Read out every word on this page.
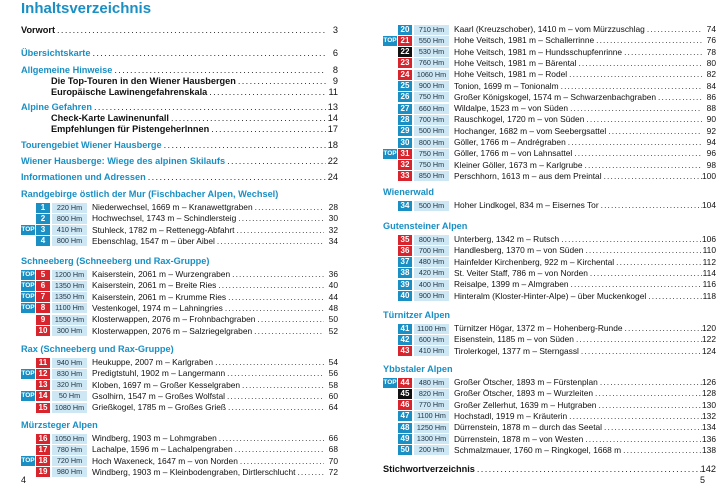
Inhaltsverzeichnis
Vorwort . . .	3
Übersichtskarte . . .	6
Allgemeine Hinweise . . .	8
Die Top-Touren in den Wiener Hausbergen . . .	9
Europäische Lawinengefahrenskala . . .	11
Alpine Gefahren . . .	13
Check-Karte Lawinenunfall . . .	14
Empfehlungen für PistengeherInnen . . .	17
Tourengebiet Wiener Hausberge . . .	18
Wiener Hausberge: Wiege des alpinen Skilaufs . . .	22
Informationen und Adressen . . .	24
Randgebirge östlich der Mur (Fischbacher Alpen, Wechsel)
1	220 Hm	Niederwechsel, 1669 m – Kranawettgraben . . .	28
2	800 Hm	Hochwechsel, 1743 m – Schindlersteig . . .	30
TOP 3	410 Hm	Stuhleck, 1782 m – Rettenegg-Abfahrt . . .	32
4	800 Hm	Ebenschlag, 1547 m – über Aibel . . .	34
Schneeberg (Schneeberg und Rax-Gruppe)
TOP 5	1200 Hm Kaiserstein, 2061 m – Wurzengraben . . .	36
TOP 6	1350 Hm Kaiserstein, 2061 m – Breite Ries . . .	40
TOP 7	1350 Hm Kaiserstein, 2061 m – Krumme Ries . . .	44
TOP 8	1100 Hm Vestenkogel, 1974 m – Lahningries . . .	48
9	1550 Hm Klosterwappen, 2076 m – Frohnbachgraben . . .	50
10	300 Hm	Klosterwappen, 2076 m – Salzriegelgraben . . .	52
Rax (Schneeberg und Rax-Gruppe)
11	940 Hm	Heukuppe, 2007 m – Karlgraben . . .	54
TOP 12	830 Hm	Predigtstuhl, 1902 m – Langermann . . .	56
13	320 Hm	Kloben, 1697 m – Großer Kesselgraben . . .	58
TOP 14	50 Hm	Gsolhirn, 1547 m – Großes Wolfstal . . .	60
15	1080 Hm Grießkogel, 1785 m – Großes Grieß . . .	64
Mürzsteger Alpen
16	1050 Hm Windberg, 1903 m – Lohmgraben . . .	66
17	780 Hm	Lachalpe, 1596 m – Lachalpengraben . . .	68
TOP 18	720 Hm	Hoch Waxeneck, 1647 m – von Norden . . .	70
19	980 Hm	Windberg, 1903 m – Kleinbodengraben, Dirtlerschlucht . . .	72
20	710 Hm	Kaarl (Kreuzschober), 1410 m – vom Mürzzuschlag . . .	74
TOP 21	550 Hm	Hohe Veitsch, 1981 m – Schallerrinne . . .	76
22	530 Hm	Hohe Veitsch, 1981 m – Hundsschupfenrinne . . .	78
23	760 Hm	Hohe Veitsch, 1981 m – Bärental . . .	80
24	1060 Hm Hohe Veitsch, 1981 m – Rodel . . .	82
25	900 Hm	Tonion, 1699 m – Tonionalm . . .	84
26	750 Hm	Großer Königskogel, 1574 m – Schwarzenbachgraben . . .	86
27	660 Hm	Wildalpe, 1523 m – von Süden . . .	88
28	700 Hm	Rauschkogel, 1720 m – von Süden . . .	90
29	500 Hm	Hochanger, 1682 m – vom Seebergsattel . . .	92
30	800 Hm	Göller, 1766 m – Andrégraben . . .	94
TOP 31	750 Hm	Göller, 1766 m – von Lahnsattel . . .	96
32	750 Hm	Kleiner Göller, 1673 m – Karlgrube . . .	98
33	850 Hm	Perschhorn, 1613 m – aus dem Preintal . . .	100
Wienerwald
34	500 Hm	Hoher Lindkogel, 834 m – Eisernes Tor . . .	104
Gutensteiner Alpen
35	800 Hm	Unterberg, 1342 m – Rutsch . . .	106
36	700 Hm	Handlesberg, 1370 m – von Süden . . .	110
37	480 Hm	Hainfelder Kirchenberg, 922 m – Kirchental . . .	112
38	420 Hm	St. Veiter Staff, 786 m – von Norden . . .	114
39	400 Hm	Reisalpe, 1399 m – Almgraben . . .	116
40	900 Hm	Hinteralm (Kloster-Hinter-Alpe) – über Muckenkogel . . .	118
Türnitzer Alpen
41	1100 Hm Türnitzer Högar, 1372 m – Hohenberg-Runde . . .	120
42	600 Hm	Eisenstein, 1185 m – von Süden . . .	122
43	410 Hm	Tirolerkogel, 1377 m – Sterngassl . . .	124
Ybbstaler Alpen
TOP 44	480 Hm	Großer Ötscher, 1893 m – Fürstenplan . . .	126
45	820 Hm	Großer Ötscher, 1893 m – Wurzleiten . . .	128
46	770 Hm	Großer Zellerhut, 1639 m – Hutgraben . . .	130
47	1100 Hm Hochstadl, 1919 m – Kräuterin . . .	132
48	1250 Hm Dürrenstein, 1878 m – durch das Seetal . . .	134
49	1300 Hm Dürrenstein, 1878 m – von Westen . . .	136
50	200 Hm	Schmalzmauer, 1760 m – Ringkogel, 1668 m . . .	138
Stichwortverzeichnis . . .	142
4	5
